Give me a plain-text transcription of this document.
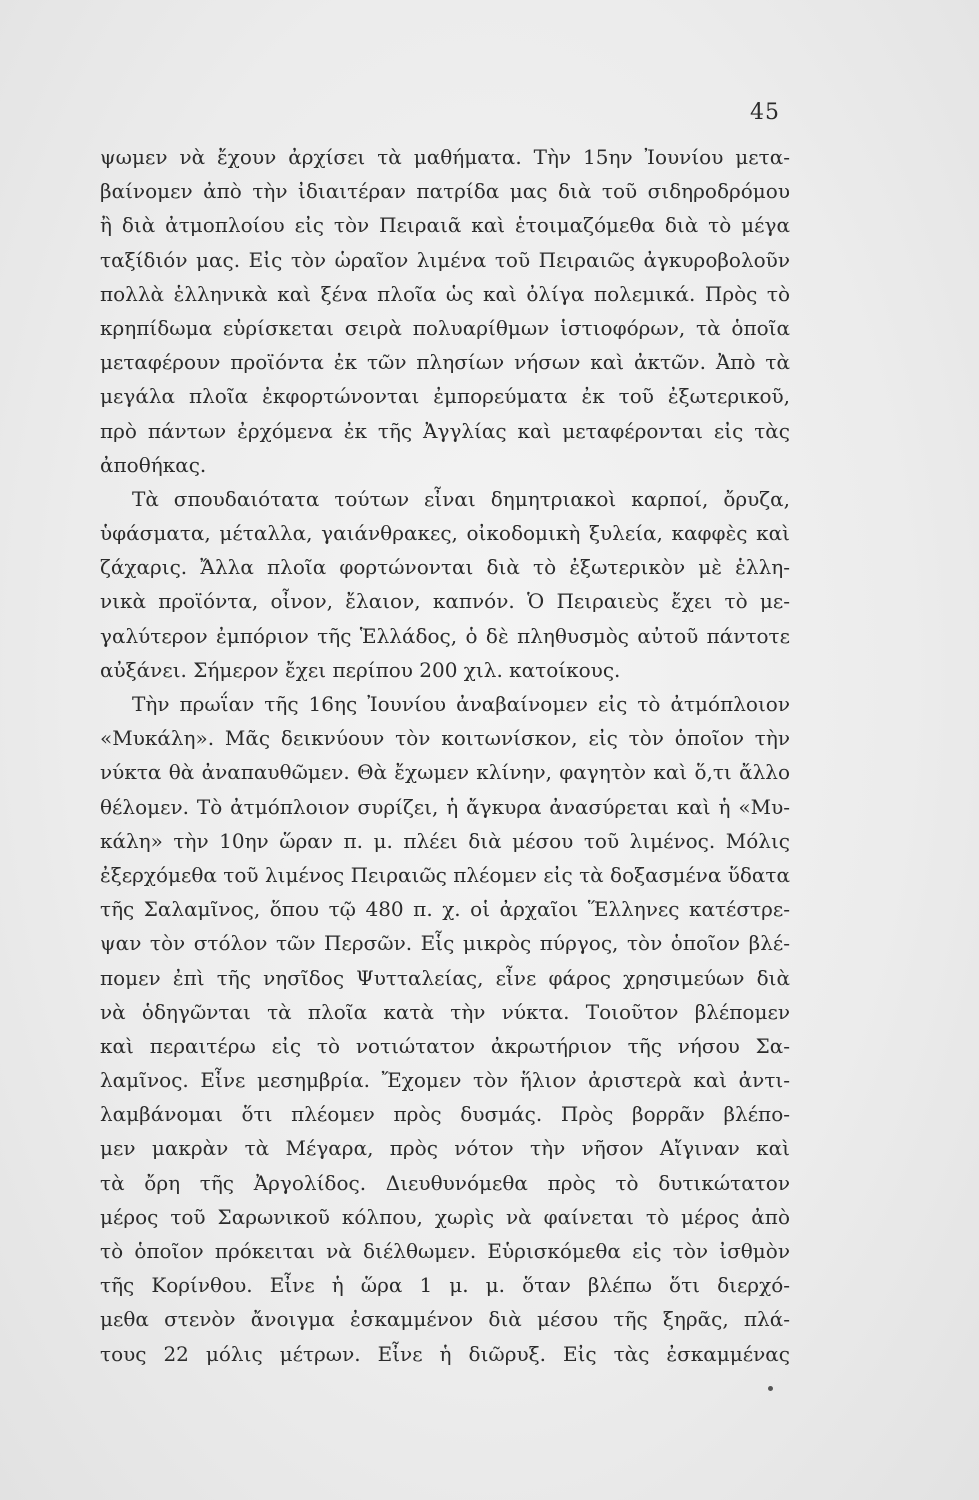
45
ψωμεν νὰ ἔχουν ἀρχίσει τὰ μαθήματα. Τὴν 15ην Ἰουνίου μετα-
βαίνομεν ἀπὸ τὴν ἰδιαιτέραν πατρίδα μας διὰ τοῦ σιδηροδρόμου
ἢ διὰ ἀτμοπλοίου εἰς τὸν Πειραιᾶ καὶ ἑτοιμαζόμεθα διὰ τὸ μέγα
ταξίδιόν μας. Εἰς τὸν ὡραῖον λιμένα τοῦ Πειραιῶς ἀγκυροβολοῦν
πολλὰ ἑλληνικὰ καὶ ξένα πλοῖα ὡς καὶ ὀλίγα πολεμικά. Πρὸς τὸ
κρηπίδωμα εὑρίσκεται σειρὰ πολυαρίθμων ἱστιοφόρων, τὰ ὁποῖα
μεταφέρουν προϊόντα ἐκ τῶν πλησίων νήσων καὶ ἀκτῶν. Ἀπὸ τὰ
μεγάλα πλοῖα ἐκφορτώνονται ἐμπορεύματα ἐκ τοῦ ἐξωτερικοῦ,
πρὸ πάντων ἐρχόμενα ἐκ τῆς Ἀγγλίας καὶ μεταφέρονται εἰς τὰς
ἀποθήκας.
Τὰ σπουδαιότατα τούτων εἶναι δημητριακοὶ καρποί, ὄρυζα,
ὑφάσματα, μέταλλα, γαιάνθρακες, οἰκοδομικὴ ξυλεία, καφφὲς καὶ
ζάχαρις. Ἄλλα πλοῖα φορτώνονται διὰ τὸ ἐξωτερικὸν μὲ ἑλλη-
νικὰ προϊόντα, οἶνον, ἔλαιον, καπνόν. Ὁ Πειραιεὺς ἔχει τὸ με-
γαλύτερον ἐμπόριον τῆς Ἑλλάδος, ὁ δὲ πληθυσμὸς αὐτοῦ πάντοτε
αὐξάνει. Σήμερον ἔχει περίπου 200 χιλ. κατοίκους.
Τὴν πρωΐαν τῆς 16ης Ἰουνίου ἀναβαίνομεν εἰς τὸ ἀτμόπλοιον
«Μυκάλη». Μᾶς δεικνύουν τὸν κοιτωνίσκον, εἰς τὸν ὁποῖον τὴν
νύκτα θὰ ἀναπαυθῶμεν. Θὰ ἔχωμεν κλίνην, φαγητὸν καὶ ὅ,τι ἄλλο
θέλομεν. Τὸ ἀτμόπλοιον συρίζει, ἡ ἄγκυρα ἀνασύρεται καὶ ἡ «Μυ-
κάλη» τὴν 10ην ὥραν π. μ. πλέει διὰ μέσου τοῦ λιμένος. Μόλις
ἐξερχόμεθα τοῦ λιμένος Πειραιῶς πλέομεν εἰς τὰ δοξασμένα ὕδατα
τῆς Σαλαμῖνος, ὅπου τῷ 480 π. χ. οἱ ἀρχαῖοι Ἕλληνες κατέστρε-
ψαν τὸν στόλον τῶν Περσῶν. Εἷς μικρὸς πύργος, τὸν ὁποῖον βλέ-
πομεν ἐπὶ τῆς νησῖδος Ψυτταλείας, εἶνε φάρος χρησιμεύων διὰ
νὰ ὁδηγῶνται τὰ πλοῖα κατὰ τὴν νύκτα. Τοιοῦτον βλέπομεν
καὶ περαιτέρω εἰς τὸ νοτιώτατον ἀκρωτήριον τῆς νήσου Σα-
λαμῖνος. Εἶνε μεσημβρία. Ἔχομεν τὸν ἥλιον ἀριστερὰ καὶ ἀντι-
λαμβάνομαι ὅτι πλέομεν πρὸς δυσμάς. Πρὸς βορρᾶν βλέπο-
μεν μακρὰν τὰ Μέγαρα, πρὸς νότον τὴν νῆσον Αἴγιναν καὶ
τὰ ὄρη τῆς Ἀργολίδος. Διευθυνόμεθα πρὸς τὸ δυτικώτατον
μέρος τοῦ Σαρωνικοῦ κόλπου, χωρὶς νὰ φαίνεται τὸ μέρος ἀπὸ
τὸ ὁποῖον πρόκειται νὰ διέλθωμεν. Εὑρισκόμεθα εἰς τὸν ἰσθμὸν
τῆς Κορίνθου. Εἶνε ἡ ὥρα 1 μ. μ. ὅταν βλέπω ὅτι διερχό-
μεθα στενὸν ἄνοιγμα ἐσκαμμένον διὰ μέσου τῆς ξηρᾶς, πλά-
τους 22 μόλις μέτρων. Εἶνε ἡ διῶρυξ. Εἰς τὰς ἐσκαμμένας
